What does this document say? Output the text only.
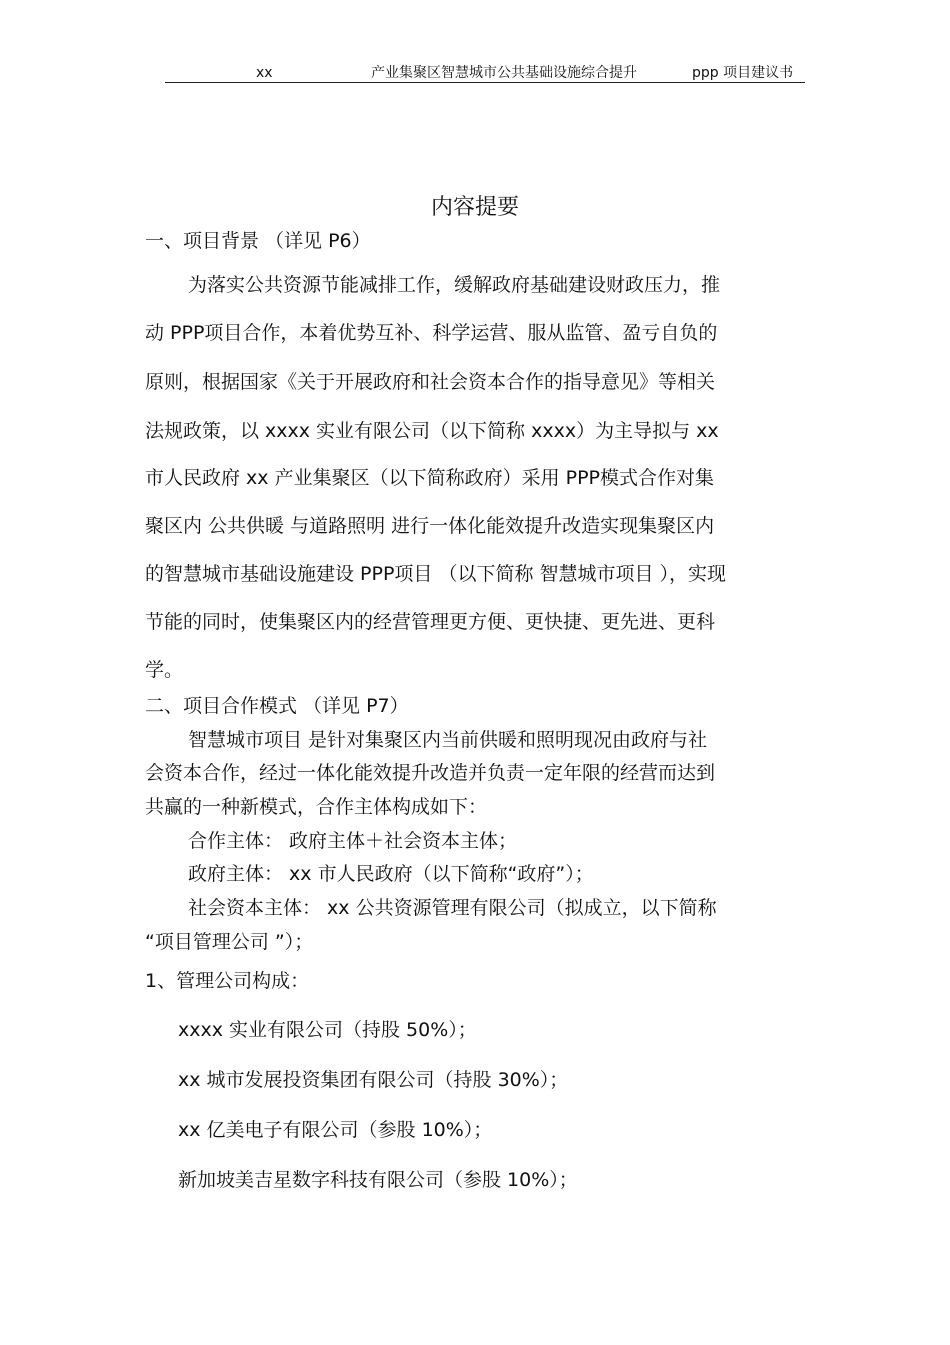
xx	产业集聚区智慧城市公共基础设施综合提升	ppp 项目建议书
内容提要
一、项目背景 （详见 P6）
为落实公共资源节能减排工作，缓解政府基础建设财政压力，推
动 PPP项目合作，本着优势互补、科学运营、服从监管、盈亏自负的
原则，根据国家《关于开展政府和社会资本合作的指导意见》等相关
法规政策，以 xxxx 实业有限公司（以下简称 xxxx）为主导拟与 xx
市人民政府 xx 产业集聚区（以下简称政府）采用 PPP模式合作对集
聚区内 公共供暖 与道路照明 进行一体化能效提升改造实现集聚区内
的智慧城市基础设施建设 PPP项目 （以下简称 智慧城市项目 ），实现
节能的同时，使集聚区内的经营管理更方便、更快捷、更先进、更科
学。
二、项目合作模式 （详见 P7）
智慧城市项目 是针对集聚区内当前供暖和照明现况由政府与社
会资本合作，经过一体化能效提升改造并负责一定年限的经营而达到
共赢的一种新模式，合作主体构成如下：
合作主体： 政府主体＋社会资本主体；
政府主体： xx 市人民政府（以下简称“政府”）；
社会资本主体： xx 公共资源管理有限公司（拟成立，以下简称
“项目管理公司 ”）；
1、管理公司构成：
xxxx 实业有限公司（持股 50%）；
xx 城市发展投资集团有限公司（持股 30%）；
xx 亿美电子有限公司（参股 10%）；
新加坡美吉星数字科技有限公司（参股 10%）；
